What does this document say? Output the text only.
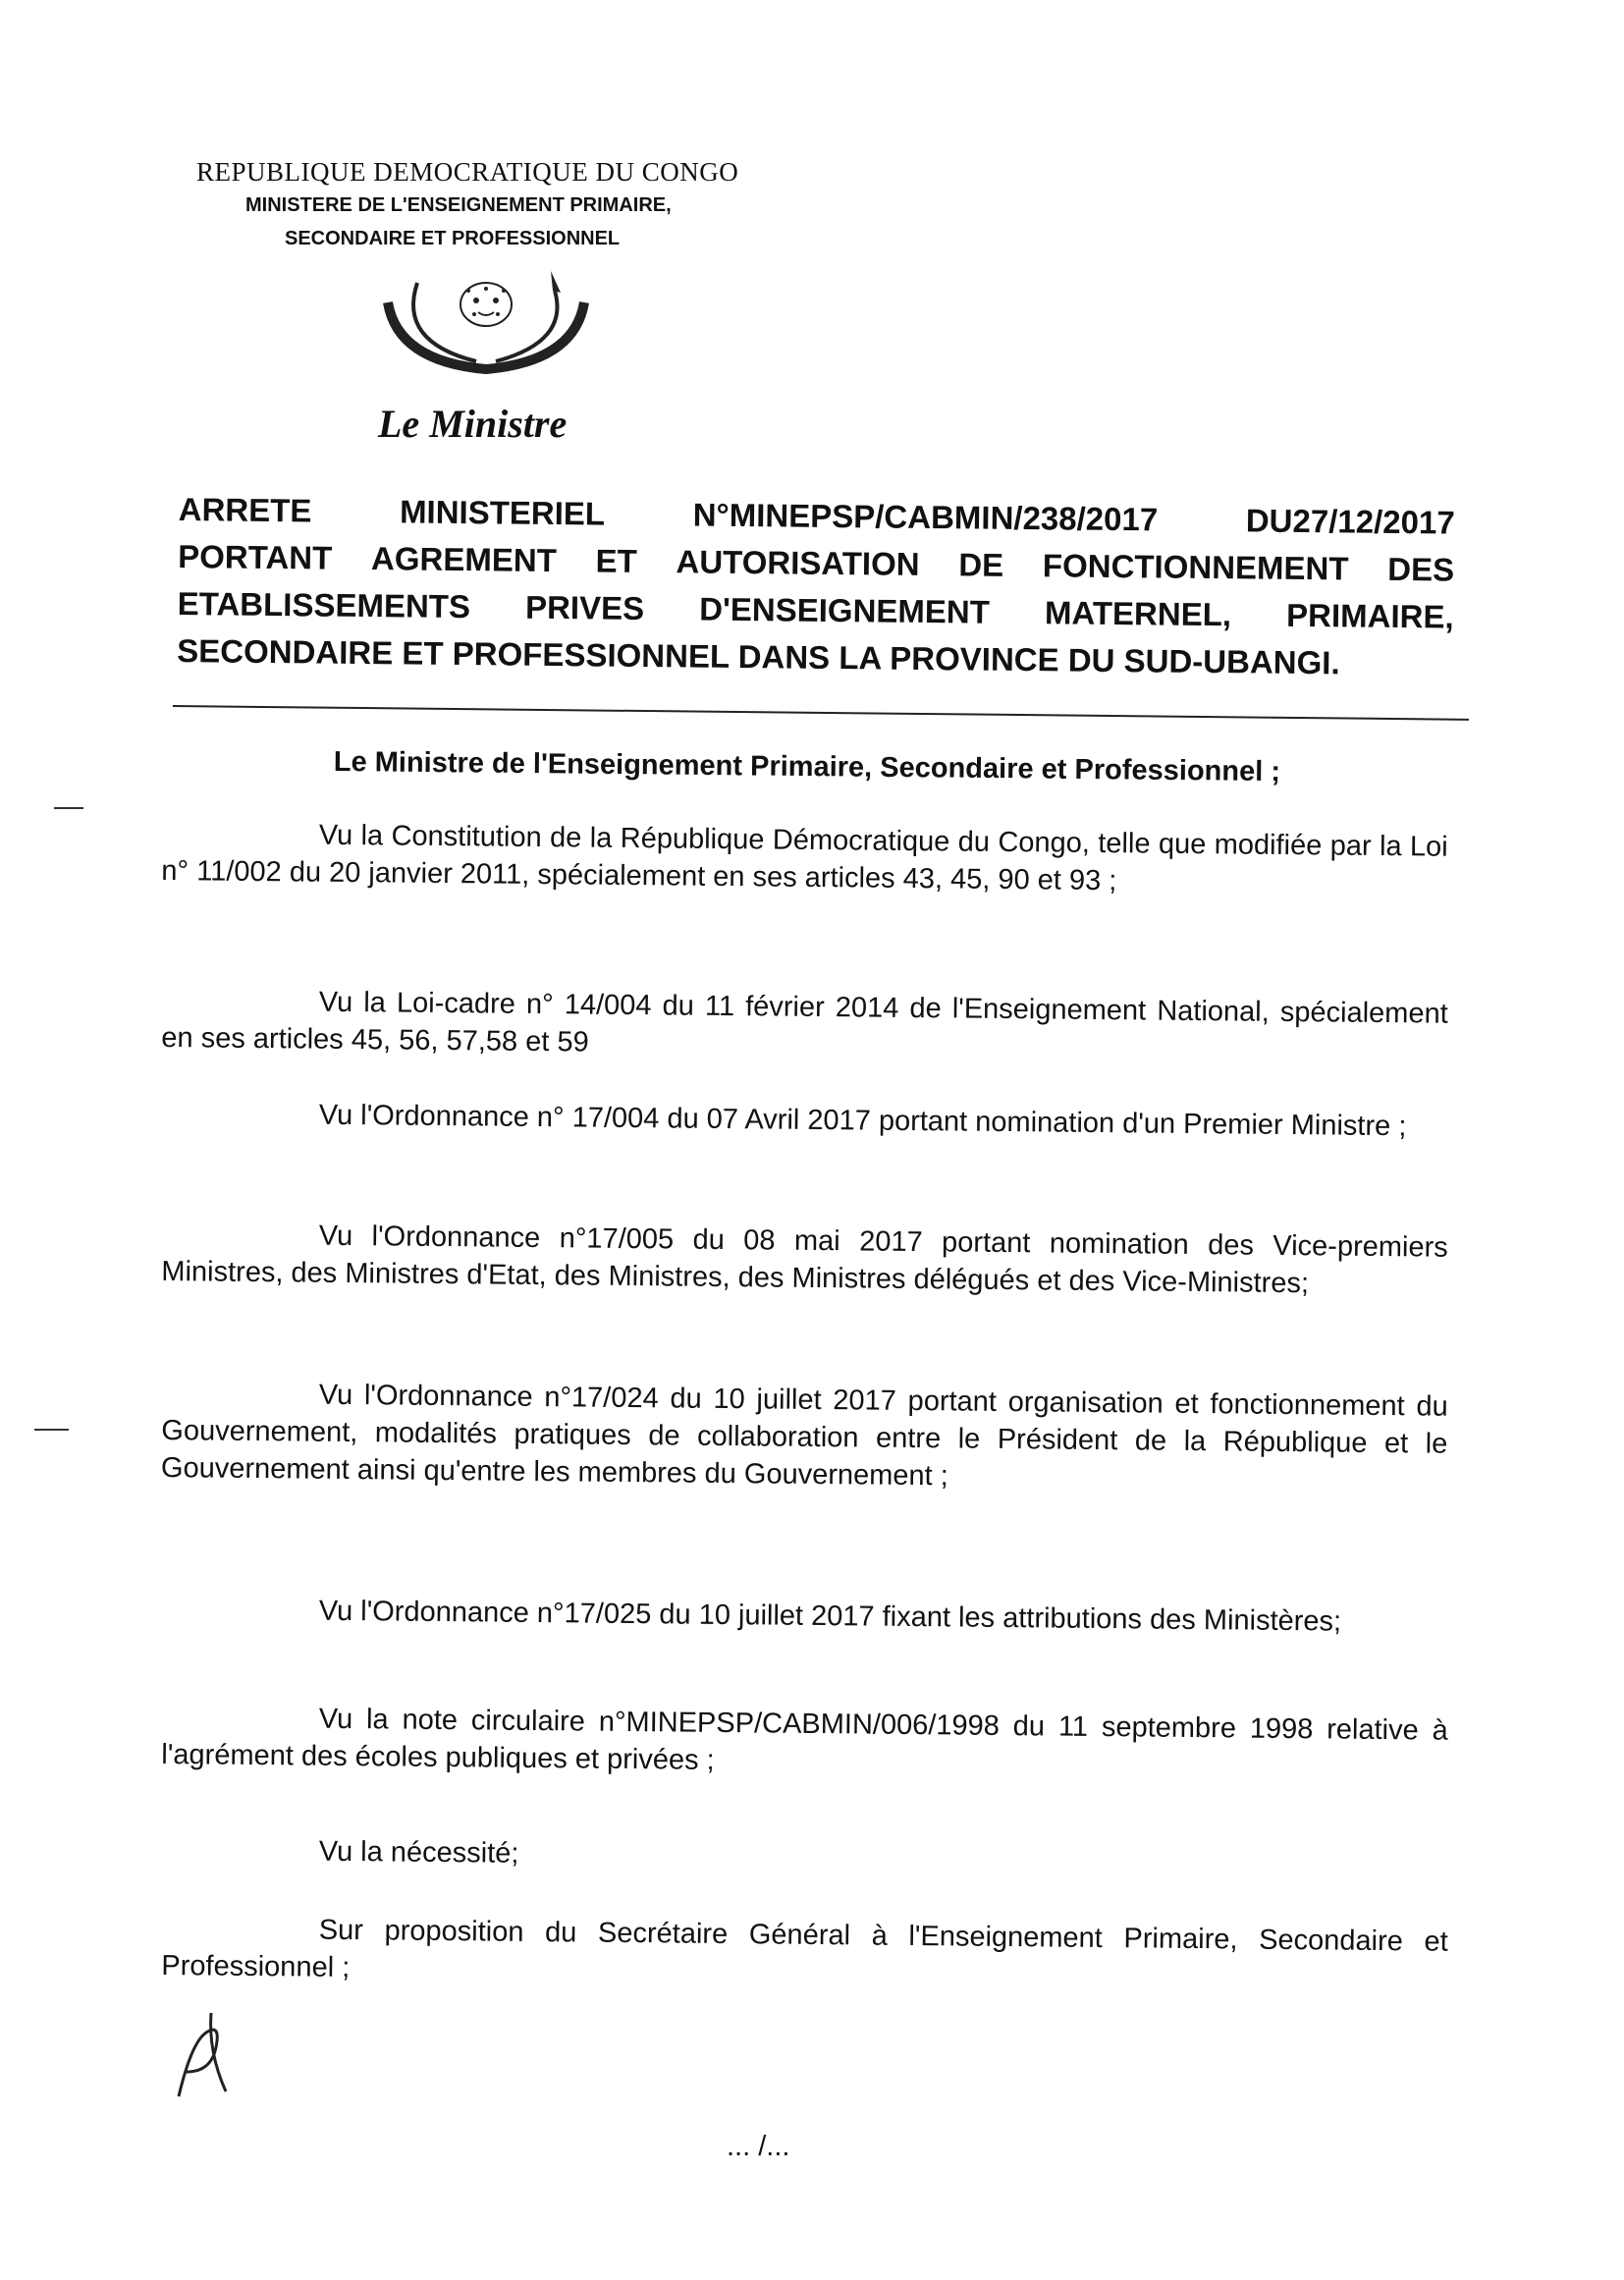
REPUBLIQUE DEMOCRATIQUE DU CONGO
MINISTERE DE L'ENSEIGNEMENT PRIMAIRE,
SECONDAIRE ET PROFESSIONNEL
Le Ministre
ARRETE	MINISTERIEL	N°MINEPSP/CABMIN/238/2017	DU27/12/2017
PORTANT AGREMENT ET AUTORISATION DE FONCTIONNEMENT DES
ETABLISSEMENTS PRIVES D'ENSEIGNEMENT MATERNEL, PRIMAIRE,
SECONDAIRE ET PROFESSIONNEL DANS LA PROVINCE DU SUD-UBANGI.
Le Ministre de l'Enseignement Primaire, Secondaire et Professionnel ;
Vu la Constitution de la République Démocratique du Congo, telle que modifiée par la Loi n° 11/002 du 20 janvier 2011, spécialement en ses articles 43, 45, 90 et 93 ;
Vu la Loi-cadre n° 14/004 du 11 février 2014 de l'Enseignement National, spécialement en ses articles 45, 56, 57,58 et 59
Vu l'Ordonnance n° 17/004 du 07 Avril 2017 portant nomination d'un Premier Ministre ;
Vu l'Ordonnance n°17/005 du 08 mai 2017 portant nomination des Vice-premiers Ministres, des Ministres d'Etat, des Ministres, des Ministres délégués et des Vice-Ministres;
Vu l'Ordonnance n°17/024 du 10 juillet 2017 portant organisation et fonctionnement du Gouvernement, modalités pratiques de collaboration entre le Président de la République et le Gouvernement ainsi qu'entre les membres du Gouvernement ;
Vu l'Ordonnance n°17/025 du 10 juillet 2017 fixant les attributions des Ministères;
Vu la note circulaire n°MINEPSP/CABMIN/006/1998 du 11 septembre 1998 relative à l'agrément des écoles publiques et privées ;
Vu la nécessité;
Sur proposition du Secrétaire Général à l'Enseignement Primaire, Secondaire et Professionnel ;
... /...
